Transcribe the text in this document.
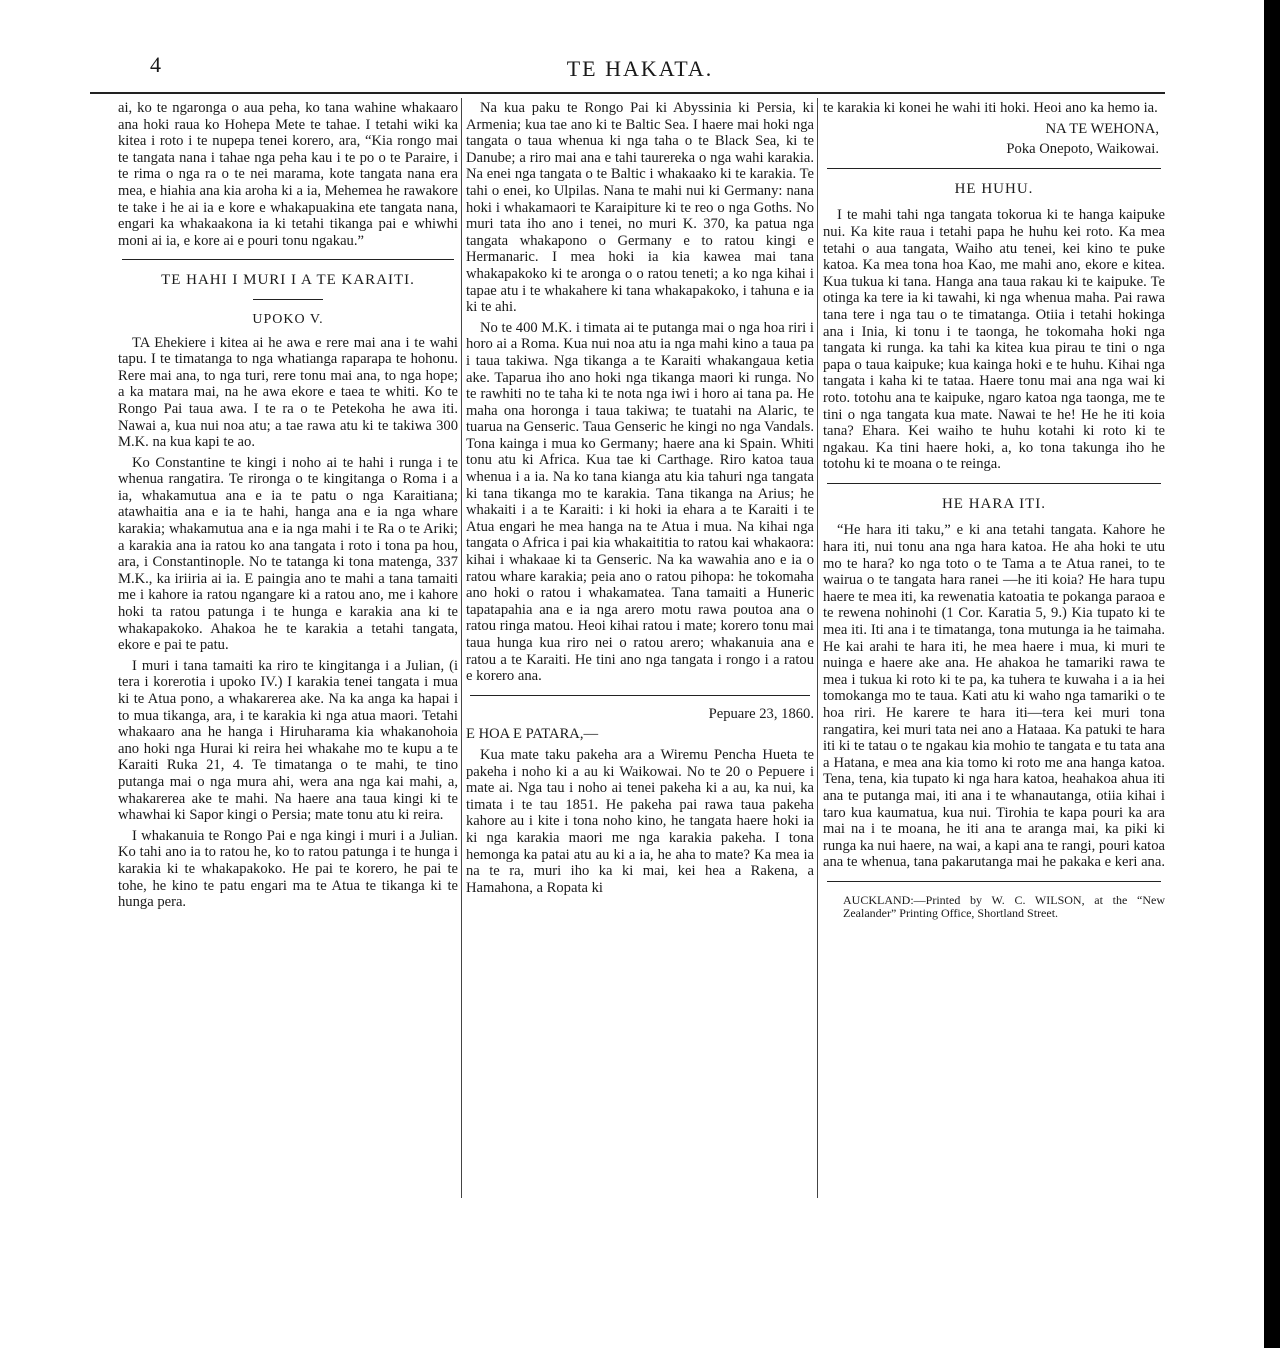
4	TE HAKATA.

ai, ko te ngaronga o aua peha, ko tana wahine whakaaro ana hoki raua ko Hohepa Mete te tahae. I tetahi wiki ka kitea i roto i te nupepa tenei korero, ara, “Kia rongo mai te tangata nana i tahae nga peha kau i te po o te Paraire, i te rima o nga ra o te nei marama, kote tangata nana era mea, e hiahia ana kia aroha ki a ia, Mehemea he rawakore te take i he ai ia e kore e whakapuakina ete tangata nana, engari ka whakaakona ia ki tetahi tikanga pai e whiwhi moni ai ia, e kore ai e pouri tonu ngakau.”

TE HAHI I MURI I A TE KARAITI.
UPOKO V.

TA Ehekiere i kitea ai he awa e rere mai ana i te wahi tapu. I te timatanga to nga whatianga raparapa te hohonu. Rere mai ana, to nga turi, rere tonu mai ana, to nga hope; a ka matara mai, na he awa ekore e taea te whiti. Ko te Rongo Pai taua awa. I te ra o te Petekoha he awa iti. Nawai a, kua nui noa atu; a tae rawa atu ki te takiwa 300 M.K. na kua kapi te ao.

Ko Constantine te kingi i noho ai te hahi i runga i te whenua rangatira. Te rironga o te kingitanga o Roma i a ia, whakamutua ana e ia te patu o nga Karaitiana; atawhaitia ana e ia te hahi, hanga ana e ia nga whare karakia; whakamutua ana e ia nga mahi i te Ra o te Ariki; a karakia ana ia ratou ko ana tangata i roto i tona pa hou, ara, i Constantinople. No te tatanga ki tona matenga, 337 M.K., ka iriiria ai ia. E paingia ano te mahi a tana tamaiti me i kahore ia ratou ngangare ki a ratou ano, me i kahore hoki ta ratou patunga i te hunga e karakia ana ki te whakapakoko. Ahakoa he te karakia a tetahi tangata, ekore e pai te patu.

I muri i tana tamaiti ka riro te kingitanga i a Julian, (i tera i korerotia i upoko IV.) I karakia tenei tangata i mua ki te Atua pono, a whakarerea ake. Na ka anga ka hapai i to mua tikanga, ara, i te karakia ki nga atua maori. Tetahi whakaaro ana he hanga i Hiruharama kia whakanohoia ano hoki nga Hurai ki reira hei whakahe mo te kupu a te Karaiti Ruka 21, 4. Te timatanga o te mahi, te tino putanga mai o nga mura ahi, wera ana nga kai mahi, a, whakarerea ake te mahi. Na haere ana taua kingi ki te whawhai ki Sapor kingi o Persia; mate tonu atu ki reira.

I whakanuia te Rongo Pai e nga kingi i muri i a Julian. Ko tahi ano ia to ratou he, ko to ratou patunga i te hunga i karakia ki te whakapakoko. He pai te korero, he pai te tohe, he kino te patu engari ma te Atua te tikanga ki te hunga pera.

Na kua paku te Rongo Pai ki Abyssinia ki Persia, ki Armenia; kua tae ano ki te Baltic Sea. I haere mai hoki nga tangata o taua whenua ki nga taha o te Black Sea, ki te Danube; a riro mai ana e tahi taurereka o nga wahi karakia. Na enei nga tangata o te Baltic i whakaako ki te karakia. Te tahi o enei, ko Ulpilas. Nana te mahi nui ki Germany: nana hoki i whakamaori te Karaipiture ki te reo o nga Goths. No muri tata iho ano i tenei, no muri K. 370, ka patua nga tangata whakapono o Germany e to ratou kingi e Hermanaric. I mea hoki ia kia kawea mai tana whakapakoko ki te aronga o o ratou teneti; a ko nga kihai i tapae atu i te whakahere ki tana whakapakoko, i tahuna e ia ki te ahi.

No te 400 M.K. i timata ai te putanga mai o nga hoa riri i horo ai a Roma. Kua nui noa atu ia nga mahi kino a taua pa i taua takiwa. Nga tikanga a te Karaiti whakangaua ketia ake. Taparua iho ano hoki nga tikanga maori ki runga. No te rawhiti no te taha ki te nota nga iwi i horo ai tana pa. He maha ona horonga i taua takiwa; te tuatahi na Alaric, te tuarua na Genseric. Taua Genseric he kingi no nga Vandals. Tona kainga i mua ko Germany; haere ana ki Spain. Whiti tonu atu ki Africa. Kua tae ki Carthage. Riro katoa taua whenua i a ia. Na ko tana kianga atu kia tahuri nga tangata ki tana tikanga mo te karakia. Tana tikanga na Arius; he whakaiti i a te Karaiti: i ki hoki ia ehara a te Karaiti i te Atua engari he mea hanga na te Atua i mua. Na kihai nga tangata o Africa i pai kia whakaititia to ratou kai whakaora: kihai i whakaae ki ta Genseric. Na ka wawahia ano e ia o ratou whare karakia; peia ano o ratou pihopa: he tokomaha ano hoki o ratou i whakamatea. Tana tamaiti a Huneric tapatapahia ana e ia nga arero motu rawa poutoa ana o ratou ringa matou. Heoi kihai ratou i mate; korero tonu mai taua hunga kua riro nei o ratou arero; whakanuia ana e ratou a te Karaiti. He tini ano nga tangata i rongo i a ratou e korero ana.

Pepuare 23, 1860.

E HOA E PATARA,—

Kua mate taku pakeha ara a Wiremu Pencha Hueta te pakeha i noho ki a au ki Waikowai. No te 20 o Pepuere i mate ai. Nga tau i noho ai tenei pakeha ki a au, ka nui, ka timata i te tau 1851. He pakeha pai rawa taua pakeha kahore au i kite i tona noho kino, he tangata haere hoki ia ki nga karakia maori me nga karakia pakeha. I tona hemonga ka patai atu au ki a ia, he aha to mate? Ka mea ia na te ra, muri iho ka ki mai, kei hea a Rakena, a Hamahona, a Ropata ki

te karakia ki konei he wahi iti hoki. Heoi ano ka hemo ia.

NA TE WEHONA,

Poka Onepoto, Waikowai.

HE HUHU.

I te mahi tahi nga tangata tokorua ki te hanga kaipuke nui. Ka kite raua i tetahi papa he huhu kei roto. Ka mea tetahi o aua tangata, Waiho atu tenei, kei kino te puke katoa. Ka mea tona hoa Kao, me mahi ano, ekore e kitea. Kua tukua ki tana. Hanga ana taua rakau ki te kaipuke. Te otinga ka tere ia ki tawahi, ki nga whenua maha. Pai rawa tana tere i nga tau o te timatanga. Otiia i tetahi hokinga ana i Inia, ki tonu i te taonga, he tokomaha hoki nga tangata ki runga. ka tahi ka kitea kua pirau te tini o nga papa o taua kaipuke; kua kainga hoki e te huhu. Kihai nga tangata i kaha ki te tataa. Haere tonu mai ana nga wai ki roto. totohu ana te kaipuke, ngaro katoa nga taonga, me te tini o nga tangata kua mate. Nawai te he! He he iti koia tana? Ehara. Kei waiho te huhu kotahi ki roto ki te ngakau. Ka tini haere hoki, a, ko tona takunga iho he totohu ki te moana o te reinga.

HE HARA ITI.

“He hara iti taku,” e ki ana tetahi tangata. Kahore he hara iti, nui tonu ana nga hara katoa. He aha hoki te utu mo te hara? ko nga toto o te Tama a te Atua ranei, to te wairua o te tangata hara ranei —he iti koia? He hara tupu haere te mea iti, ka rewenatia katoatia te pokanga paraoa e te rewena nohinohi (1 Cor. Karatia 5, 9.) Kia tupato ki te mea iti. Iti ana i te timatanga, tona mutunga ia he taimaha. He kai arahi te hara iti, he mea haere i mua, ki muri te nuinga e haere ake ana. He ahakoa he tamariki rawa te mea i tukua ki roto ki te pa, ka tuhera te kuwaha i a ia hei tomokanga mo te taua. Kati atu ki waho nga tamariki o te hoa riri. He karere te hara iti—tera kei muri tona rangatira, kei muri tata nei ano a Hataaa. Ka patuki te hara iti ki te tatau o te ngakau kia mohio te tangata e tu tata ana a Hatana, e mea ana kia tomo ki roto me ana hanga katoa. Tena, tena, kia tupato ki nga hara katoa, heahakoa ahua iti ana te putanga mai, iti ana i te whanautanga, otiia kihai i taro kua kaumatua, kua nui. Tirohia te kapa pouri ka ara mai na i te moana, he iti ana te aranga mai, ka piki ki runga ka nui haere, na wai, a kapi ana te rangi, pouri katoa ana te whenua, tana pakarutanga mai he pakaka e keri ana.

AUCKLAND:—Printed by W. C. WILSON, at the “New Zealander” Printing Office, Shortland Street.
